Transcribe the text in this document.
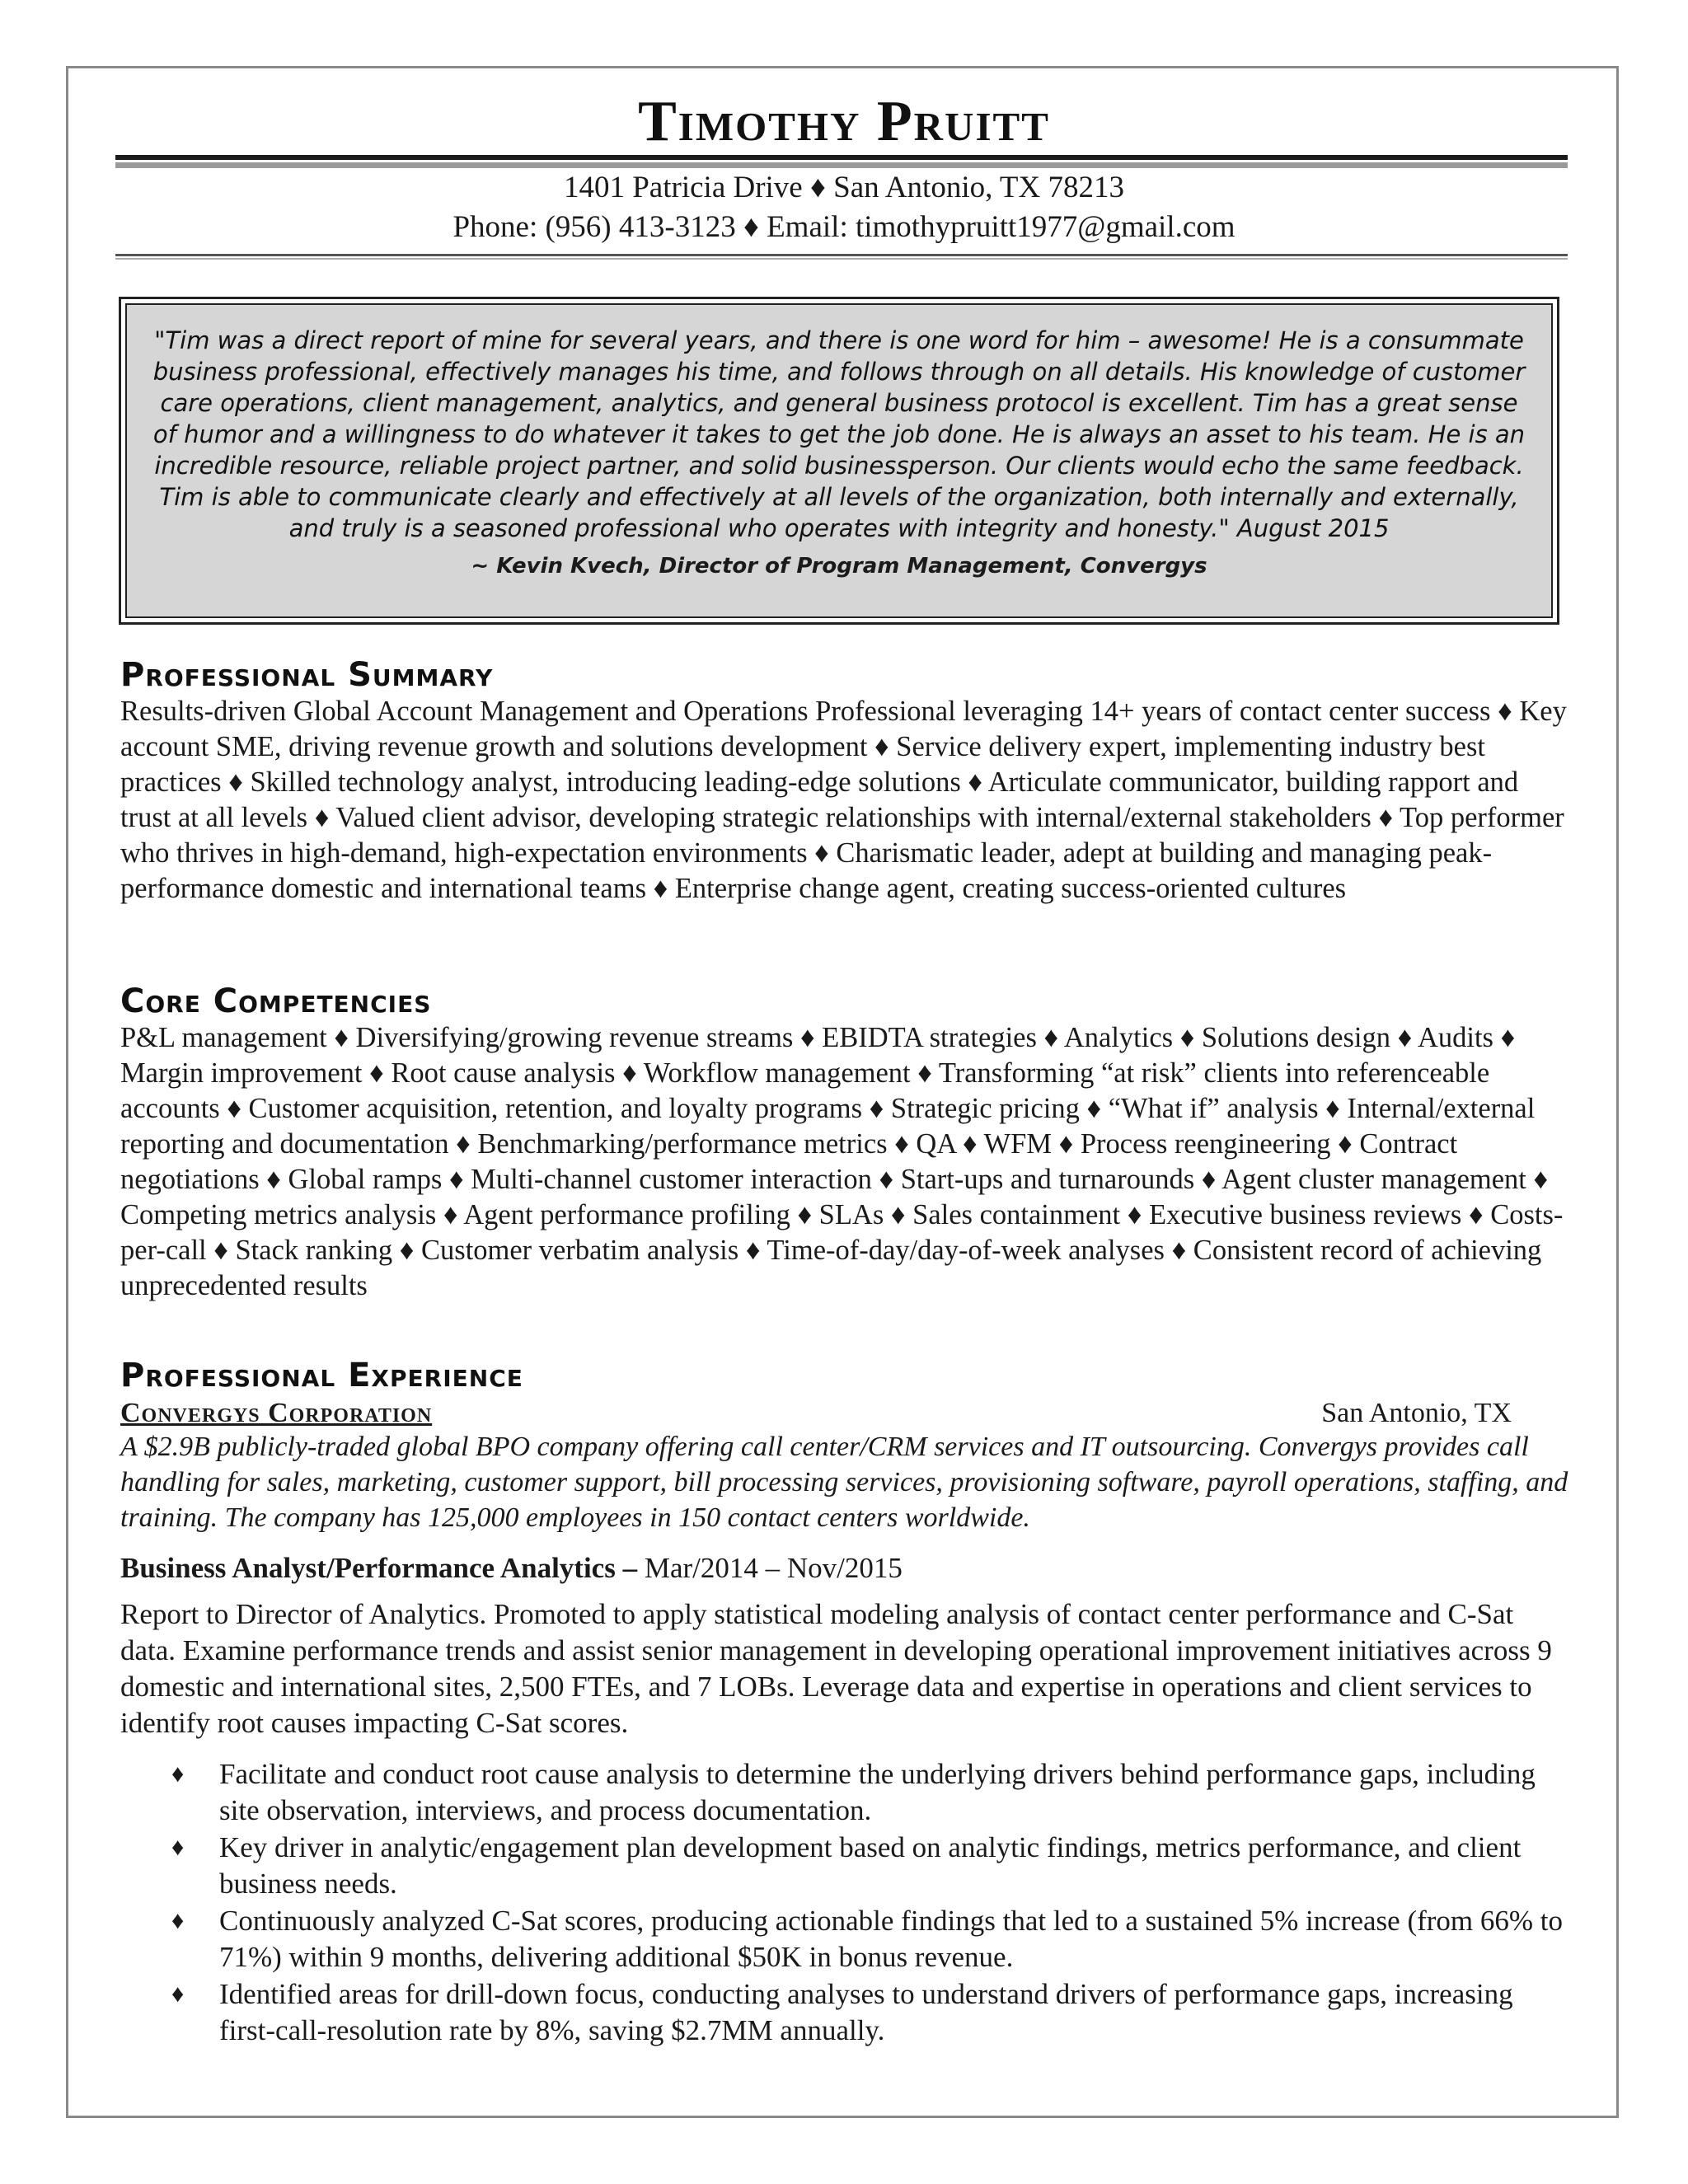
Timothy Pruitt
1401 Patricia Drive ♦ San Antonio, TX 78213
Phone: (956) 413-3123 ♦ Email: timothypruitt1977@gmail.com
"Tim was a direct report of mine for several years, and there is one word for him – awesome! He is a consummate business professional, effectively manages his time, and follows through on all details. His knowledge of customer care operations, client management, analytics, and general business protocol is excellent. Tim has a great sense of humor and a willingness to do whatever it takes to get the job done. He is always an asset to his team. He is an incredible resource, reliable project partner, and solid businessperson. Our clients would echo the same feedback. Tim is able to communicate clearly and effectively at all levels of the organization, both internally and externally, and truly is a seasoned professional who operates with integrity and honesty." August 2015
~ Kevin Kvech, Director of Program Management, Convergys
Professional Summary

Results-driven Global Account Management and Operations Professional leveraging 14+ years of contact center success ♦ Key account SME, driving revenue growth and solutions development ♦ Service delivery expert, implementing industry best practices ♦ Skilled technology analyst, introducing leading-edge solutions ♦ Articulate communicator, building rapport and trust at all levels ♦ Valued client advisor, developing strategic relationships with internal/external stakeholders ♦ Top performer who thrives in high-demand, high-expectation environments ♦ Charismatic leader, adept at building and managing peak-performance domestic and international teams ♦ Enterprise change agent, creating success-oriented cultures

Core Competencies

P&L management ♦ Diversifying/growing revenue streams ♦ EBIDTA strategies ♦ Analytics ♦ Solutions design ♦ Audits ♦ Margin improvement ♦ Root cause analysis ♦ Workflow management ♦ Transforming “at risk” clients into referenceable accounts ♦ Customer acquisition, retention, and loyalty programs ♦ Strategic pricing ♦ “What if” analysis ♦ Internal/external reporting and documentation ♦ Benchmarking/performance metrics ♦ QA ♦ WFM ♦ Process reengineering ♦ Contract negotiations ♦ Global ramps ♦ Multi-channel customer interaction ♦ Start-ups and turnarounds ♦ Agent cluster management ♦ Competing metrics analysis ♦ Agent performance profiling ♦ SLAs ♦ Sales containment ♦ Executive business reviews ♦ Costs-per-call ♦ Stack ranking ♦ Customer verbatim analysis ♦ Time-of-day/day-of-week analyses ♦ Consistent record of achieving unprecedented results

Professional Experience
Convergys Corporation	San Antonio, TX

A $2.9B publicly-traded global BPO company offering call center/CRM services and IT outsourcing. Convergys provides call handling for sales, marketing, customer support, bill processing services, provisioning software, payroll operations, staffing, and training. The company has 125,000 employees in 150 contact centers worldwide.

Business Analyst/Performance Analytics – Mar/2014 – Nov/2015

Report to Director of Analytics. Promoted to apply statistical modeling analysis of contact center performance and C-Sat data. Examine performance trends and assist senior management in developing operational improvement initiatives across 9 domestic and international sites, 2,500 FTEs, and 7 LOBs. Leverage data and expertise in operations and client services to identify root causes impacting C-Sat scores.

♦ Facilitate and conduct root cause analysis to determine the underlying drivers behind performance gaps, including site observation, interviews, and process documentation.
♦ Key driver in analytic/engagement plan development based on analytic findings, metrics performance, and client business needs.
♦ Continuously analyzed C-Sat scores, producing actionable findings that led to a sustained 5% increase (from 66% to 71%) within 9 months, delivering additional $50K in bonus revenue.
♦ Identified areas for drill-down focus, conducting analyses to understand drivers of performance gaps, increasing first-call-resolution rate by 8%, saving $2.7MM annually.
